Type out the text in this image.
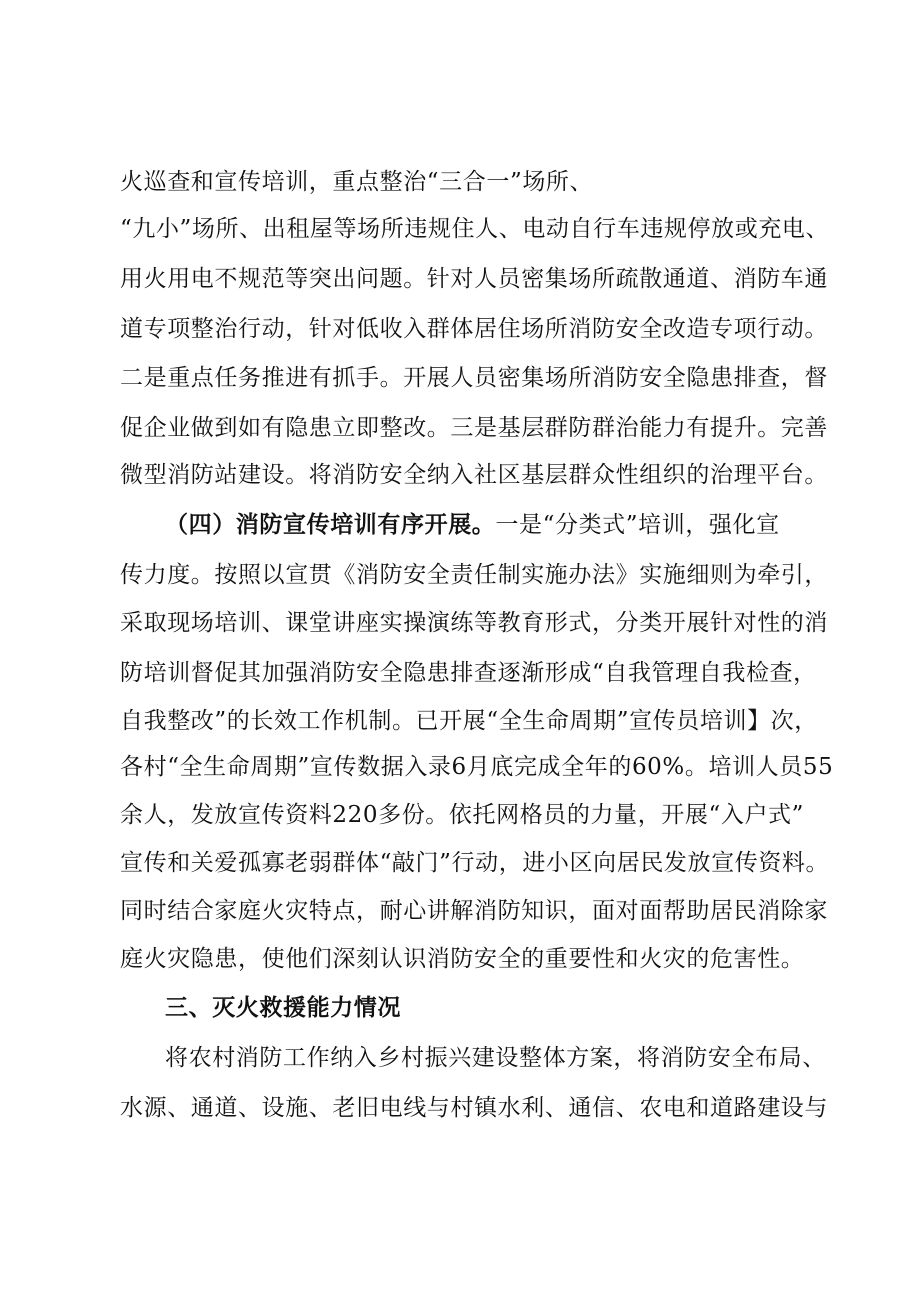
火巡查和宣传培训，重点整治“三合一”场所、
“九小”场所、出租屋等场所违规住人、电动自行车违规停放或充电、
用火用电不规范等突出问题。针对人员密集场所疏散通道、消防车通
道专项整治行动，针对低收入群体居住场所消防安全改造专项行动。
二是重点任务推进有抓手。开展人员密集场所消防安全隐患排查，督
促企业做到如有隐患立即整改。三是基层群防群治能力有提升。完善
微型消防站建设。将消防安全纳入社区基层群众性组织的治理平台。
（四）消防宣传培训有序开展。一是“分类式”培训，强化宣
传力度。按照以宣贯《消防安全责任制实施办法》实施细则为牵引，
采取现场培训、课堂讲座实操演练等教育形式，分类开展针对性的消
防培训督促其加强消防安全隐患排查逐渐形成“自我管理自我检查，
自我整改”的长效工作机制。已开展“全生命周期”宣传员培训】次，
各村“全生命周期”宣传数据入录6月底完成全年的60%。培训人员55
余人，发放宣传资料220多份。依托网格员的力量，开展“入户式”
宣传和关爱孤寡老弱群体“敲门”行动，进小区向居民发放宣传资料。
同时结合家庭火灾特点，耐心讲解消防知识，面对面帮助居民消除家
庭火灾隐患，使他们深刻认识消防安全的重要性和火灾的危害性。
三、灭火救援能力情况
将农村消防工作纳入乡村振兴建设整体方案，将消防安全布局、
水源、通道、设施、老旧电线与村镇水利、通信、农电和道路建设与
